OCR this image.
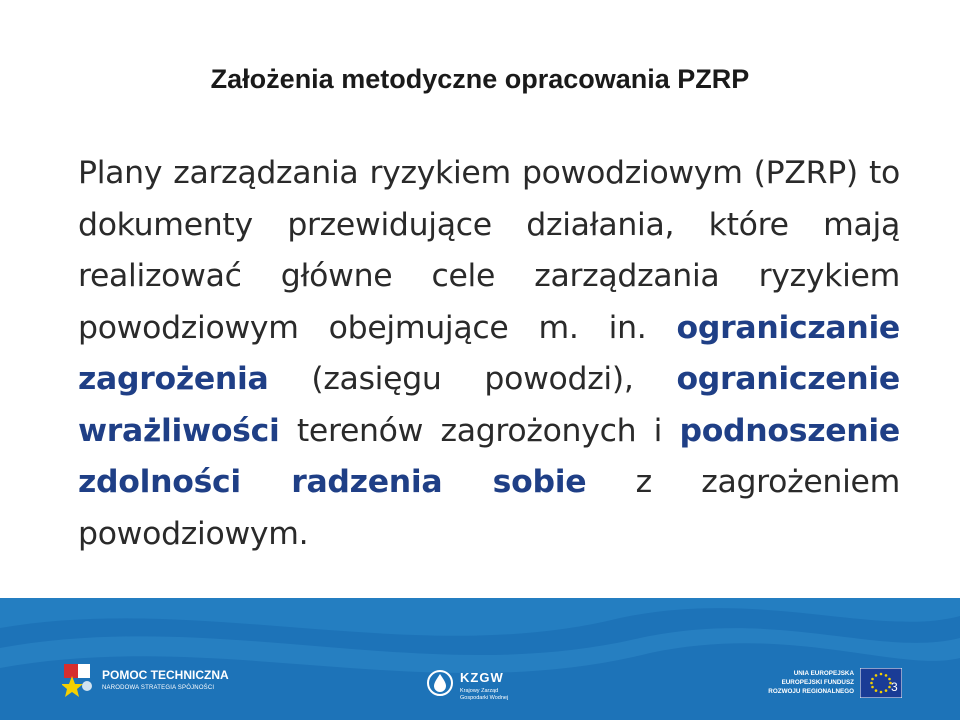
Założenia metodyczne opracowania PZRP
Plany zarządzania ryzykiem powodziowym (PZRP) to dokumenty przewidujące działania, które mają realizować główne cele zarządzania ryzykiem powodziowym obejmujące m. in. ograniczanie zagrożenia (zasięgu powodzi), ograniczenie wrażliwości terenów zagrożonych i podnoszenie zdolności radzenia sobie z zagrożeniem powodziowym.
POMOC TECHNICZNA
NARODOWA STRATEGIA SPÓJNOŚCI
KZGW
Krajowy Zarząd
Gospodarki Wodnej
UNIA EUROPEJSKA
EUROPEJSKI FUNDUSZ
ROZWOJU REGIONALNEGO	3
